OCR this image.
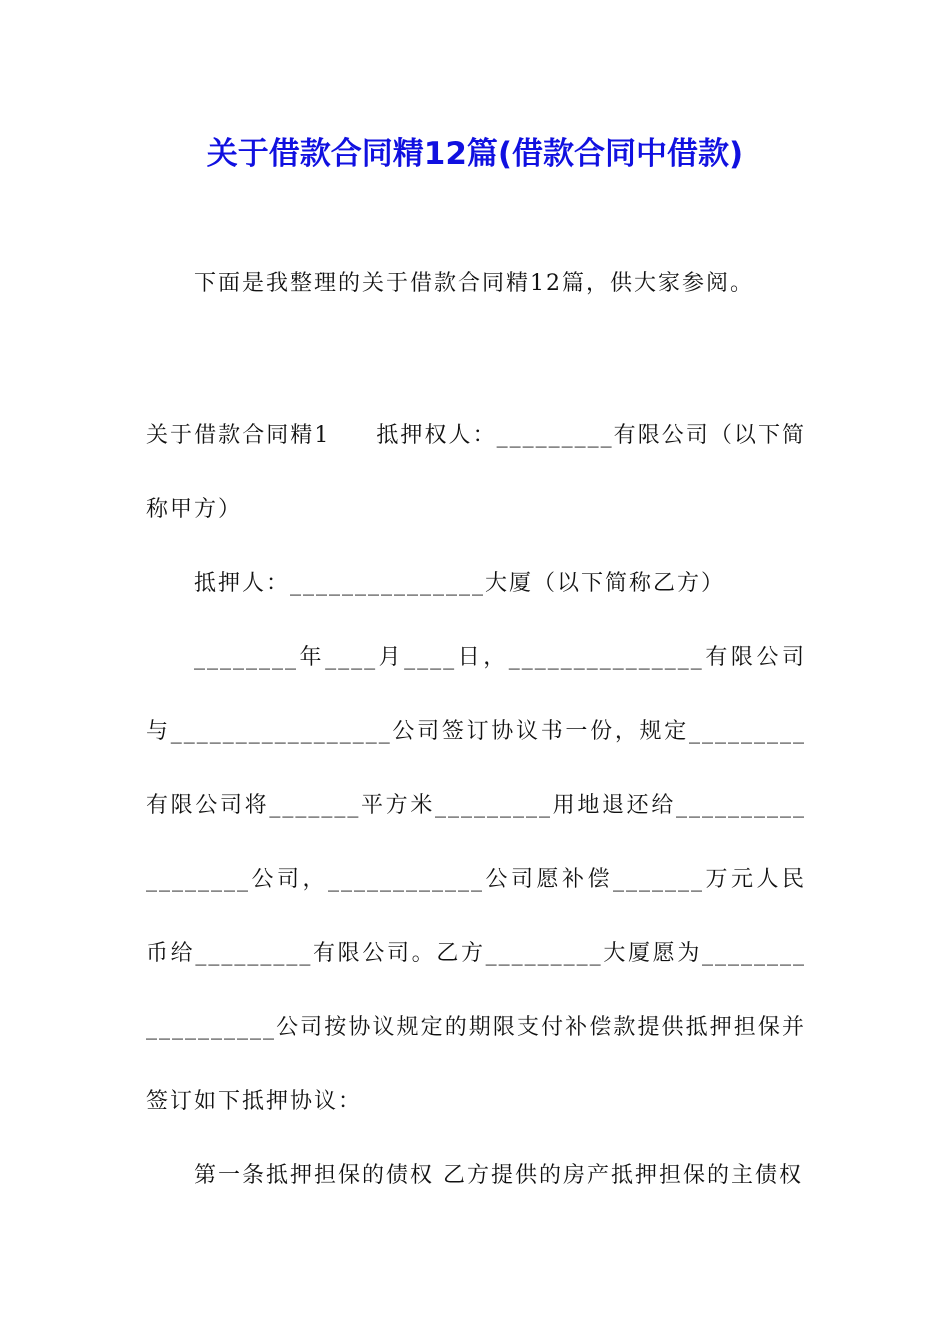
关于借款合同精12篇(借款合同中借款)
下面是我整理的关于借款合同精12篇，供大家参阅。

关于借款合同精1 抵押权人：_________有限公司（以下简称甲方）

抵押人：_______________大厦（以下简称乙方）

________年____月____日，_______________有限公司与_________________公司签订协议书一份，规定_________有限公司将_______平方米_________用地退还给__________________公司，____________公司愿补偿_______万元人民币给_________有限公司。乙方_________大厦愿为__________________公司按协议规定的期限支付补偿款提供抵押担保并签订如下抵押协议：

第一条抵押担保的债权 乙方提供的房产抵押担保的主债权
